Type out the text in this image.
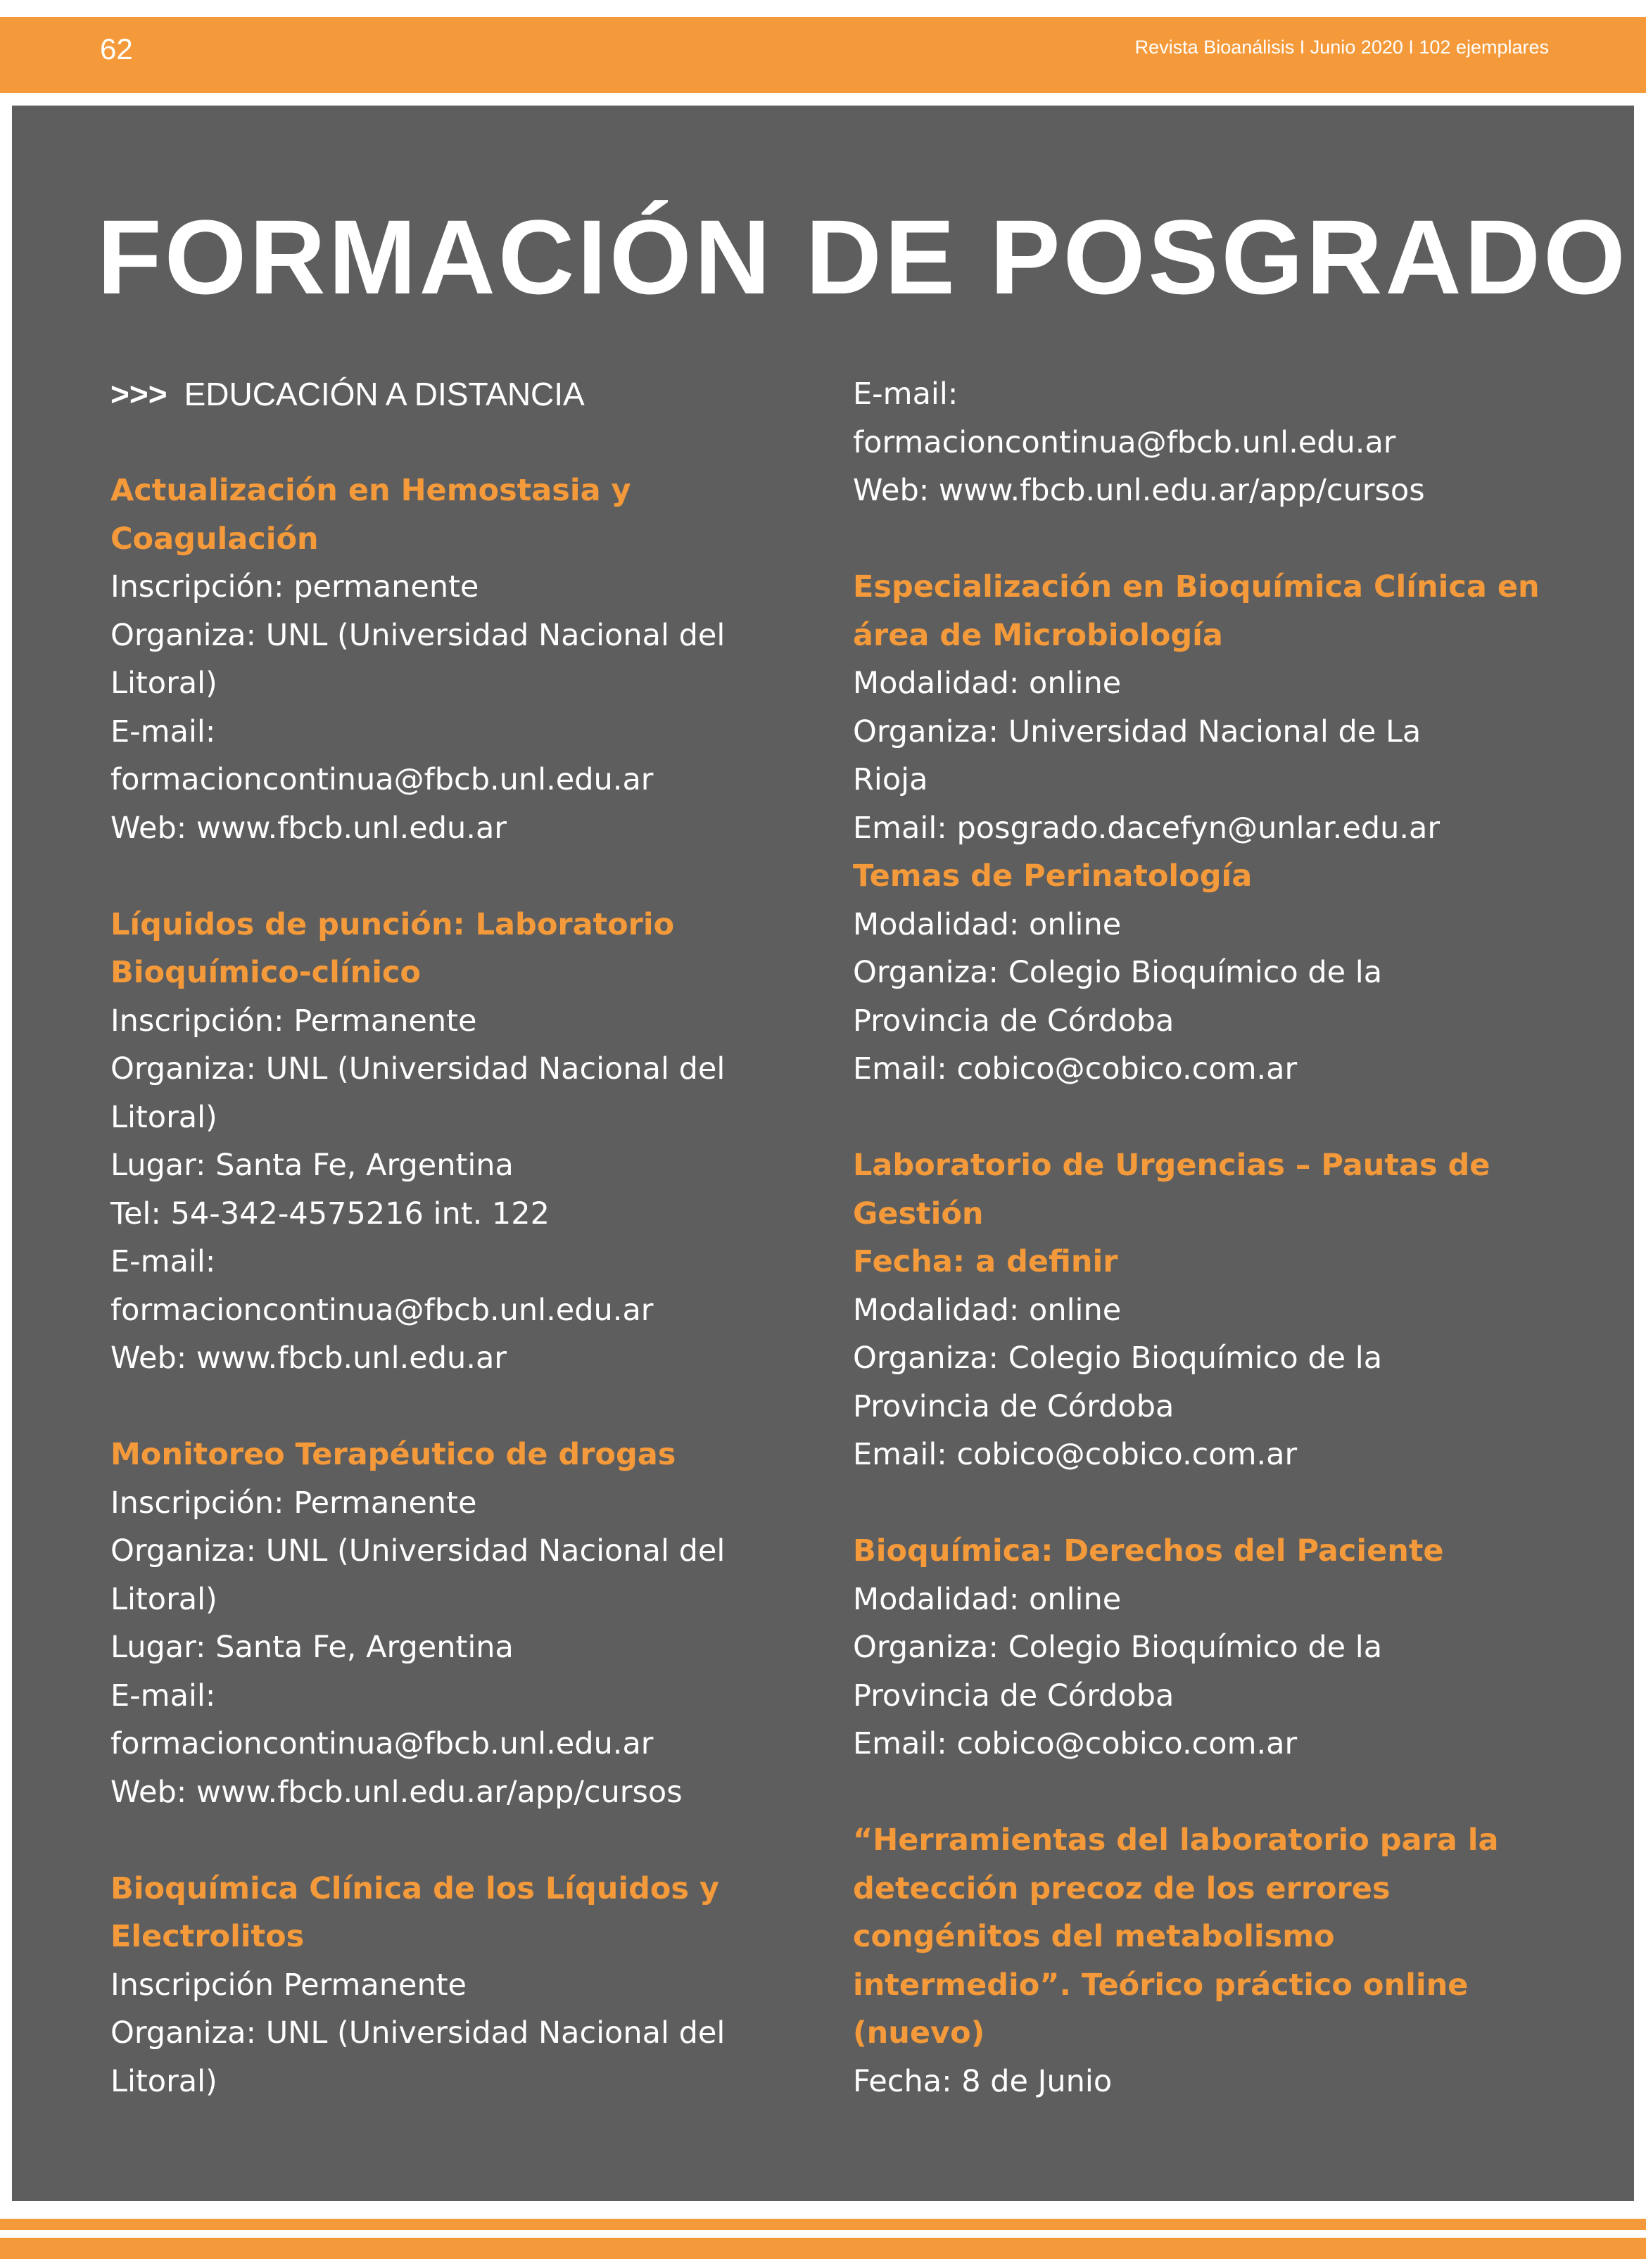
62	Revista Bioanálisis I Junio 2020 I 102 ejemplares
FORMACIÓN DE POSGRADO
>>> EDUCACIÓN A DISTANCIA
Actualización en Hemostasia y
Coagulación
Inscripción: permanente
Organiza: UNL (Universidad Nacional del
Litoral)
E-mail:
formacioncontinua@fbcb.unl.edu.ar
Web: www.fbcb.unl.edu.ar
Líquidos de punción: Laboratorio
Bioquímico-clínico
Inscripción: Permanente
Organiza: UNL (Universidad Nacional del
Litoral)
Lugar: Santa Fe, Argentina
Tel: 54-342-4575216 int. 122
E-mail:
formacioncontinua@fbcb.unl.edu.ar
Web: www.fbcb.unl.edu.ar
Monitoreo Terapéutico de drogas
Inscripción: Permanente
Organiza: UNL (Universidad Nacional del
Litoral)
Lugar: Santa Fe, Argentina
E-mail:
formacioncontinua@fbcb.unl.edu.ar
Web: www.fbcb.unl.edu.ar/app/cursos
Bioquímica Clínica de los Líquidos y
Electrolitos
Inscripción Permanente
Organiza: UNL (Universidad Nacional del
Litoral)
E-mail:
formacioncontinua@fbcb.unl.edu.ar
Web: www.fbcb.unl.edu.ar/app/cursos
Especialización en Bioquímica Clínica en
área de Microbiología
Modalidad: online
Organiza: Universidad Nacional de La
Rioja
Email: posgrado.dacefyn@unlar.edu.ar
Temas de Perinatología
Modalidad: online
Organiza: Colegio Bioquímico de la
Provincia de Córdoba
Email: cobico@cobico.com.ar
Laboratorio de Urgencias – Pautas de
Gestión
Fecha: a definir
Modalidad: online
Organiza: Colegio Bioquímico de la
Provincia de Córdoba
Email: cobico@cobico.com.ar
Bioquímica: Derechos del Paciente
Modalidad: online
Organiza: Colegio Bioquímico de la
Provincia de Córdoba
Email: cobico@cobico.com.ar
“Herramientas del laboratorio para la
detección precoz de los errores
congénitos del metabolismo
intermedio”. Teórico práctico online
(nuevo)
Fecha: 8 de Junio
